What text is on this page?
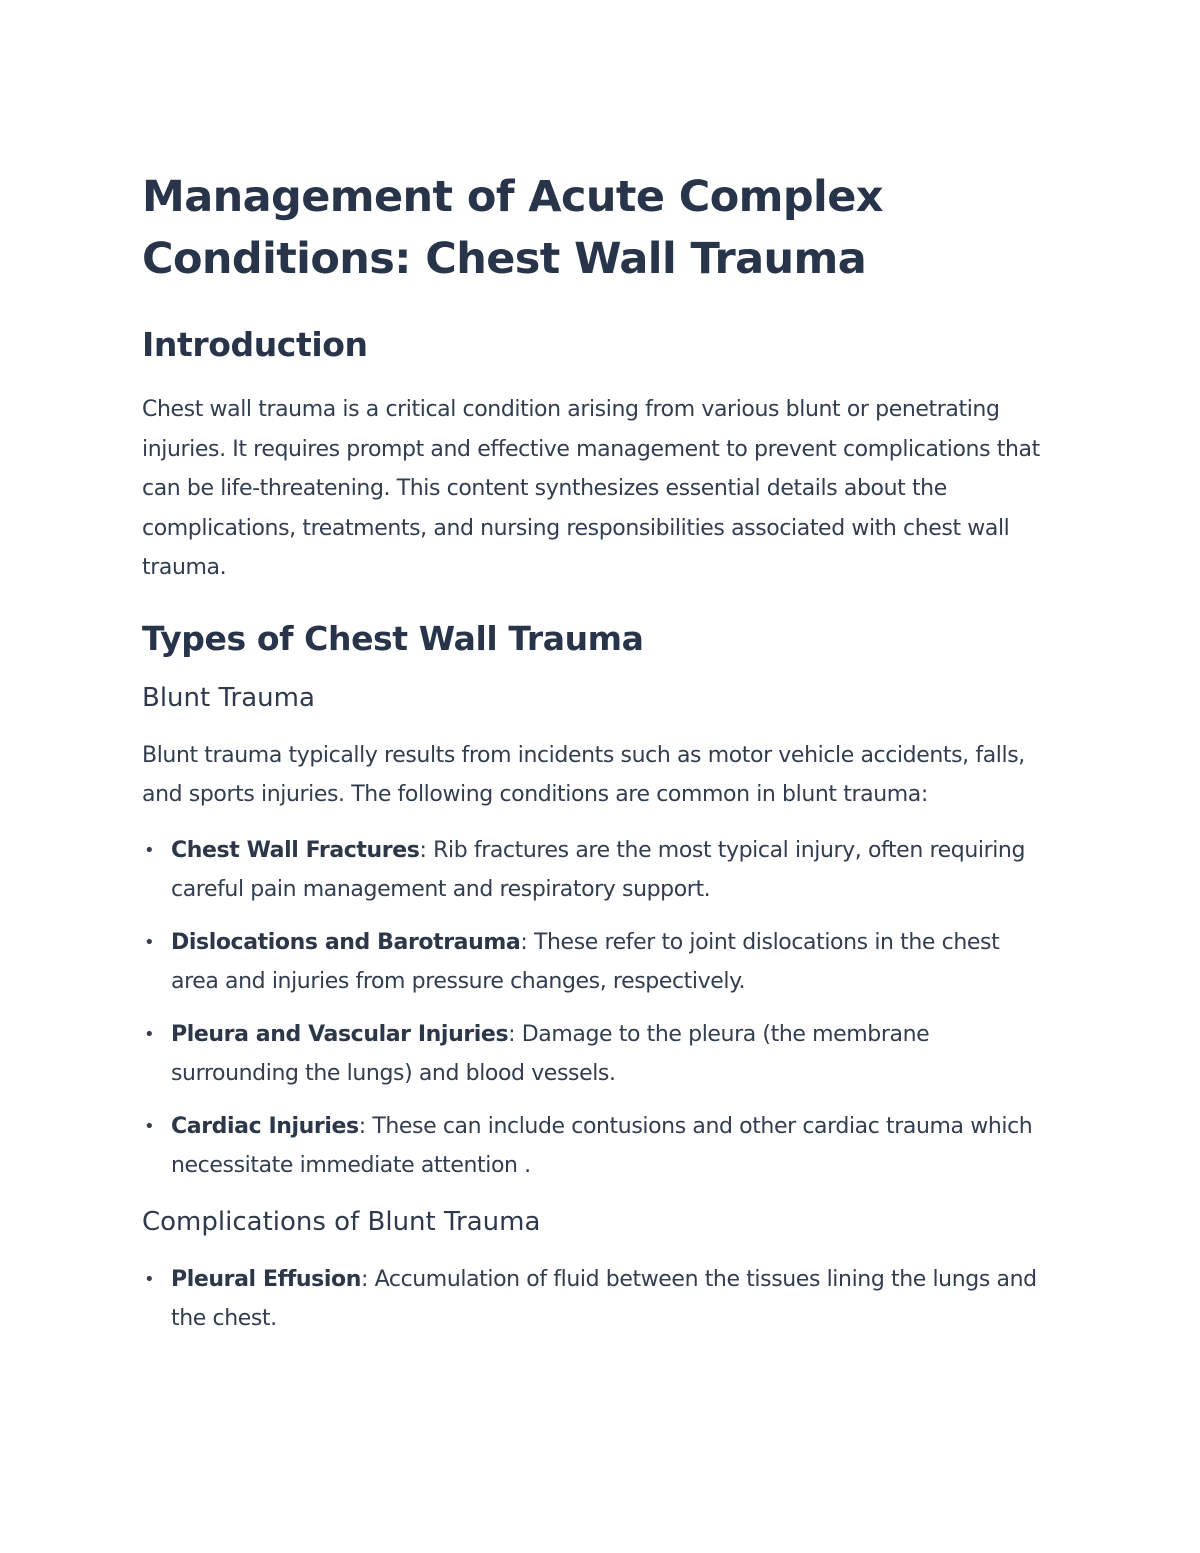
Management of Acute Complex Conditions: Chest Wall Trauma
Introduction

Chest wall trauma is a critical condition arising from various blunt or penetrating injuries. It requires prompt and effective management to prevent complications that can be life-threatening. This content synthesizes essential details about the complications, treatments, and nursing responsibilities associated with chest wall trauma.

Types of Chest Wall Trauma
Blunt Trauma

Blunt trauma typically results from incidents such as motor vehicle accidents, falls, and sports injuries. The following conditions are common in blunt trauma:

• Chest Wall Fractures: Rib fractures are the most typical injury, often requiring careful pain management and respiratory support.
• Dislocations and Barotrauma: These refer to joint dislocations in the chest area and injuries from pressure changes, respectively.
• Pleura and Vascular Injuries: Damage to the pleura (the membrane surrounding the lungs) and blood vessels.
• Cardiac Injuries: These can include contusions and other cardiac trauma which necessitate immediate attention .
Complications of Blunt Trauma
• Pleural Effusion: Accumulation of fluid between the tissues lining the lungs and the chest.
